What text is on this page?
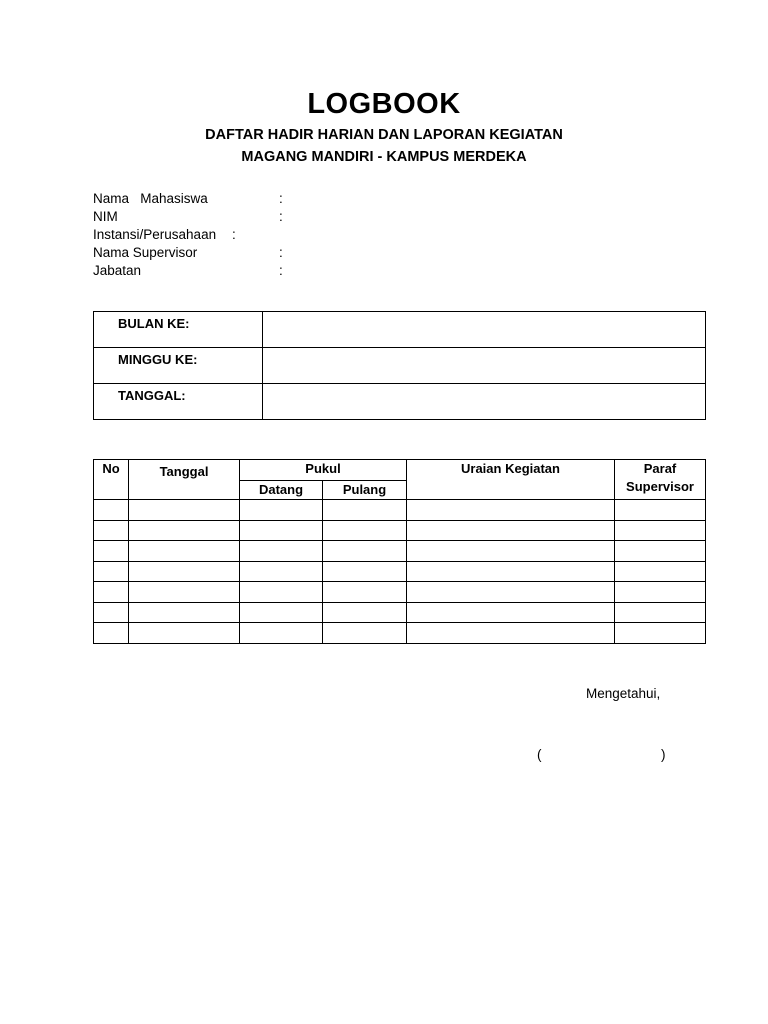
LOGBOOK
DAFTAR HADIR HARIAN DAN LAPORAN KEGIATAN
MAGANG MANDIRI - KAMPUS MERDEKA
Nama   Mahasiswa	:
NIM	:
Instansi/Perusahaan :
Nama Supervisor	:
Jabatan	:
BULAN KE:	
MINGGU KE:	
TANGGAL:	
No	Tanggal	Pukul		Uraian Kegiatan	Paraf
Supervisor

		Datang	Pulang		

Mengetahui,
(	)
